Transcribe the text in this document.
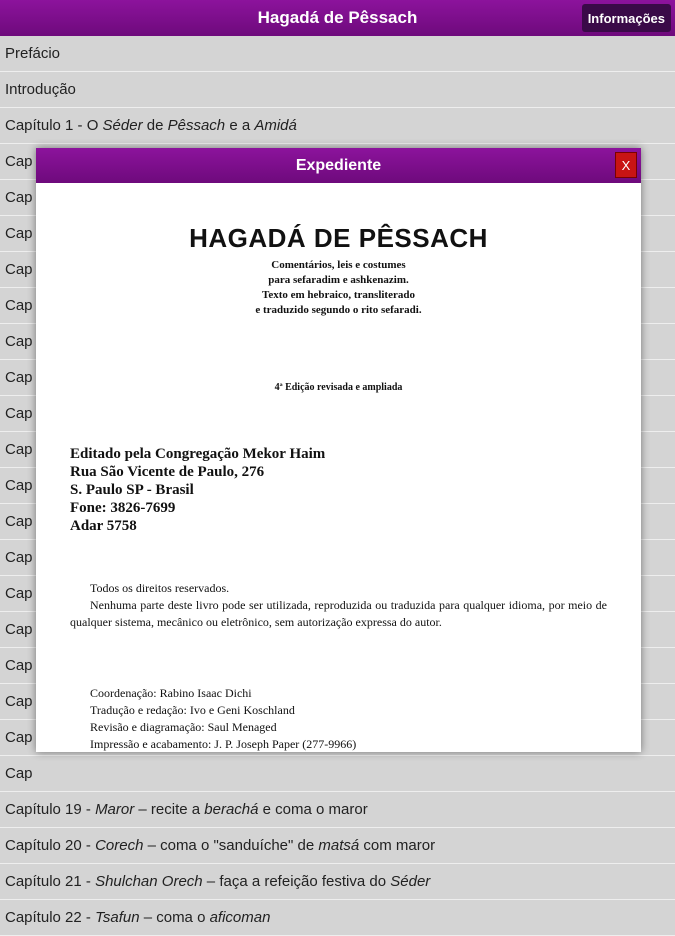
Hagadá de Pêssach	Informações
Prefácio
Introdução
Capítulo 1 - O Séder de Pêssach e a Amidá
Cap
Cap
Cap
Cap
Cap
Cap
Cap
Cap
Cap
Cap
Cap
Cap
Cap
Cap
Cap
Cap
Cap
Cap
Capítulo 19 - Maror – recite a berachá e coma o maror
Capítulo 20 - Corech – coma o "sanduíche" de matsá com maror
Capítulo 21 - Shulchan Orech – faça a refeição festiva do Séder
Capítulo 22 - Tsafun – coma o aficoman
Expediente	X
HAGADÁ DE PÊSSACH
Comentários, leis e costumes
para sefaradim e ashkenazim.
Texto em hebraico, transliterado
e traduzido segundo o rito sefaradi.
4ª Edição revisada e ampliada
Editado pela Congregação Mekor Haim
Rua São Vicente de Paulo, 276
S. Paulo SP - Brasil
Fone: 3826-7699
Adar 5758

Todos os direitos reservados.

Nenhuma parte deste livro pode ser utilizada, reproduzida ou traduzida para qualquer idioma, por meio de qualquer sistema, mecânico ou eletrônico, sem autorização expressa do autor.

Coordenação: Rabino Isaac Dichi
Tradução e redação: Ivo e Geni Koschland
Revisão e diagramação: Saul Menaged
Impressão e acabamento: J. P. Joseph Paper (277-9966)
